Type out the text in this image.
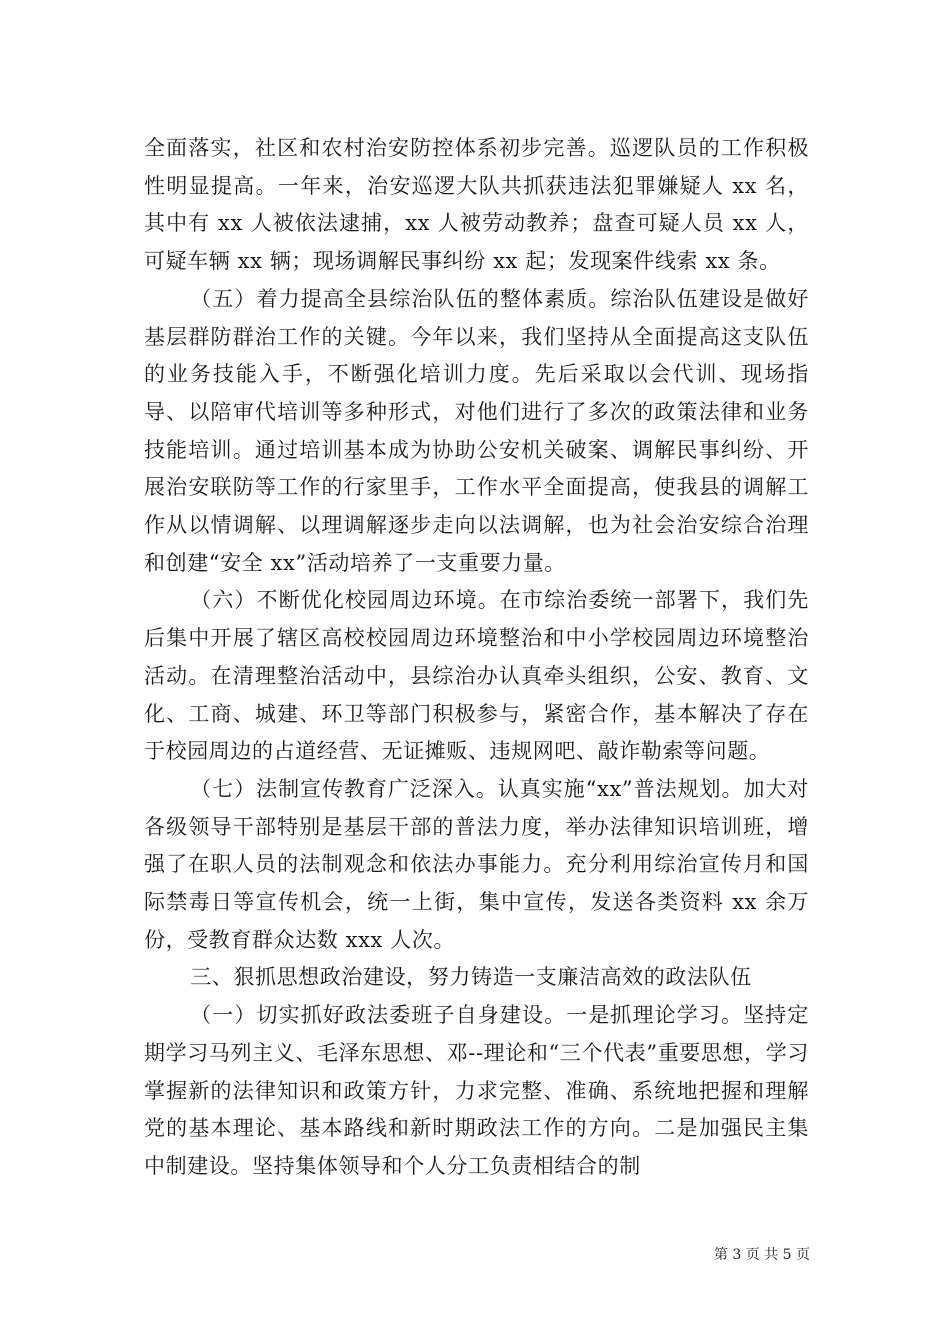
全面落实，社区和农村治安防控体系初步完善。巡逻队员的工作积极性明显提高。一年来，治安巡逻大队共抓获违法犯罪嫌疑人 xx 名，其中有 xx 人被依法逮捕，xx 人被劳动教养；盘查可疑人员 xx 人，可疑车辆 xx 辆；现场调解民事纠纷 xx 起；发现案件线索 xx 条。

（五）着力提高全县综治队伍的整体素质。综治队伍建设是做好基层群防群治工作的关键。今年以来，我们坚持从全面提高这支队伍的业务技能入手，不断强化培训力度。先后采取以会代训、现场指导、以陪审代培训等多种形式，对他们进行了多次的政策法律和业务技能培训。通过培训基本成为协助公安机关破案、调解民事纠纷、开展治安联防等工作的行家里手，工作水平全面提高，使我县的调解工作从以情调解、以理调解逐步走向以法调解，也为社会治安综合治理和创建“安全 xx”活动培养了一支重要力量。

（六）不断优化校园周边环境。在市综治委统一部署下，我们先后集中开展了辖区高校校园周边环境整治和中小学校园周边环境整治活动。在清理整治活动中，县综治办认真牵头组织，公安、教育、文化、工商、城建、环卫等部门积极参与，紧密合作，基本解决了存在于校园周边的占道经营、无证摊贩、违规网吧、敲诈勒索等问题。

（七）法制宣传教育广泛深入。认真实施“xx”普法规划。加大对各级领导干部特别是基层干部的普法力度，举办法律知识培训班，增强了在职人员的法制观念和依法办事能力。充分利用综治宣传月和国际禁毒日等宣传机会，统一上街，集中宣传，发送各类资料 xx 余万份，受教育群众达数 xxx 人次。

三、狠抓思想政治建设，努力铸造一支廉洁高效的政法队伍

（一）切实抓好政法委班子自身建设。一是抓理论学习。坚持定期学习马列主义、毛泽东思想、邓--理论和“三个代表”重要思想，学习掌握新的法律知识和政策方针，力求完整、准确、系统地把握和理解党的基本理论、基本路线和新时期政法工作的方向。二是加强民主集中制建设。坚持集体领导和个人分工负责相结合的制

第 3 页 共 5 页
